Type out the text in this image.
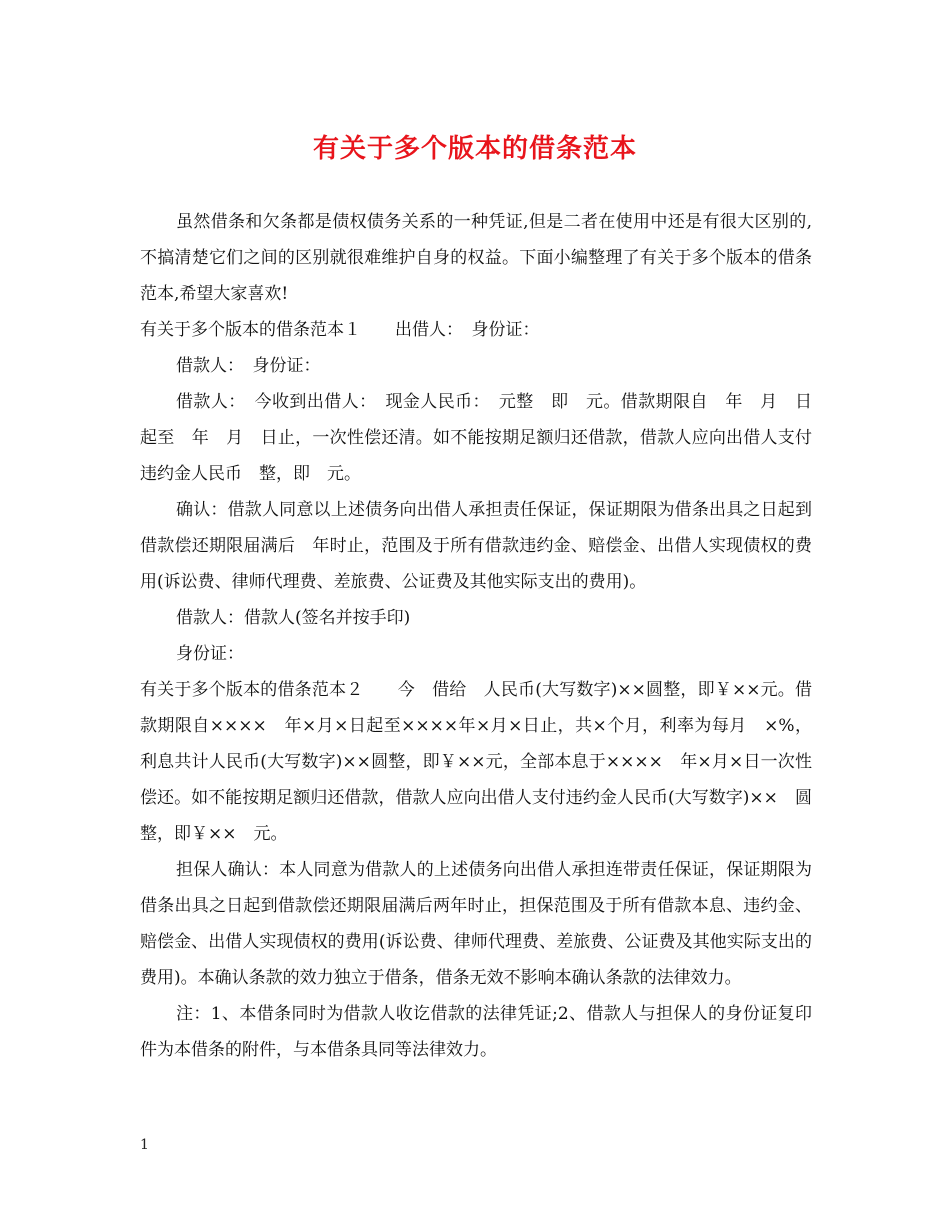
有关于多个版本的借条范本

虽然借条和欠条都是债权债务关系的一种凭证,但是二者在使用中还是有很大区别的,不搞清楚它们之间的区别就很难维护自身的权益。下面小编整理了有关于多个版本的借条范本,希望大家喜欢!

有关于多个版本的借条范本１　　出借人：　身份证：

借款人：　身份证：

借款人：　今收到出借人：　现金人民币：　元整　即　元。借款期限自　年　月　日起至　年　月　日止，一次性偿还清。如不能按期足额归还借款，借款人应向出借人支付违约金人民币　整，即　元。

确认：借款人同意以上述债务向出借人承担责任保证，保证期限为借条出具之日起到借款偿还期限届满后　年时止，范围及于所有借款违约金、赔偿金、出借人实现债权的费用(诉讼费、律师代理费、差旅费、公证费及其他实际支出的费用)。

借款人：借款人(签名并按手印)

身份证：

有关于多个版本的借条范本２　　今　借给　人民币(大写数字)××圆整，即￥××元。借款期限自××××　年×月×日起至××××年×月×日止，共×个月，利率为每月　×%，利息共计人民币(大写数字)××圆整，即￥××元，全部本息于××××　年×月×日一次性偿还。如不能按期足额归还借款，借款人应向出借人支付违约金人民币(大写数字)××　圆整，即￥××　元。

担保人确认：本人同意为借款人的上述债务向出借人承担连带责任保证，保证期限为借条出具之日起到借款偿还期限届满后两年时止，担保范围及于所有借款本息、违约金、赔偿金、出借人实现债权的费用(诉讼费、律师代理费、差旅费、公证费及其他实际支出的费用)。本确认条款的效力独立于借条，借条无效不影响本确认条款的法律效力。

注：1、本借条同时为借款人收讫借款的法律凭证;2、借款人与担保人的身份证复印件为本借条的附件，与本借条具同等法律效力。

1
